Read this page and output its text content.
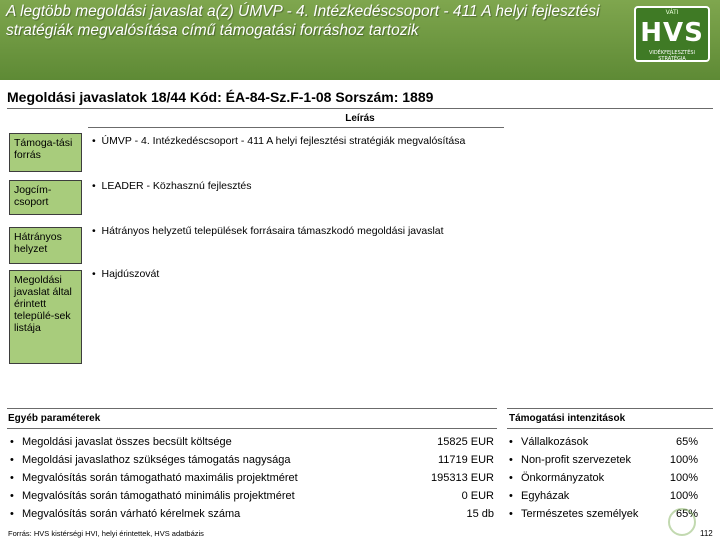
A legtöbb megoldási javaslat a(z) ÚMVP - 4. Intézkedéscsoport - 411 A helyi fejlesztési stratégiák megvalósítása című támogatási forráshoz tartozik
VÁTI
HVS
VIDÉKFEJLESZTÉSI STRATÉGIA
Megoldási javaslatok 18/44 Kód: ÉA-84-Sz.F-1-08 Sorszám: 1889
Leírás
Támoga-tási forrás
• ÚMVP - 4. Intézkedéscsoport - 411 A helyi fejlesztési stratégiák megvalósítása
Jogcím-csoport
• LEADER - Közhasznú fejlesztés
Hátrányos helyzet
• Hátrányos helyzetű települések forrásaira támaszkodó megoldási javaslat
Megoldási javaslat által érintett települé-sek listája
• Hajdúszovát
Egyéb paraméterek
• Megoldási javaslat összes becsült költsége	15825 EUR
• Megoldási javaslathoz szükséges támogatás nagysága	11719 EUR
• Megvalósítás során támogatható maximális projektméret	195313 EUR
• Megvalósítás során támogatható minimális projektméret	0 EUR
• Megvalósítás során várható kérelmek száma	15 db
Támogatási intenzitások
• Vállalkozások	65%
• Non-profit szervezetek	100%
• Önkormányzatok	100%
• Egyházak	100%
• Természetes személyek	65%
Forrás: HVS kistérségi HVI, helyi érintettek, HVS adatbázis	112
